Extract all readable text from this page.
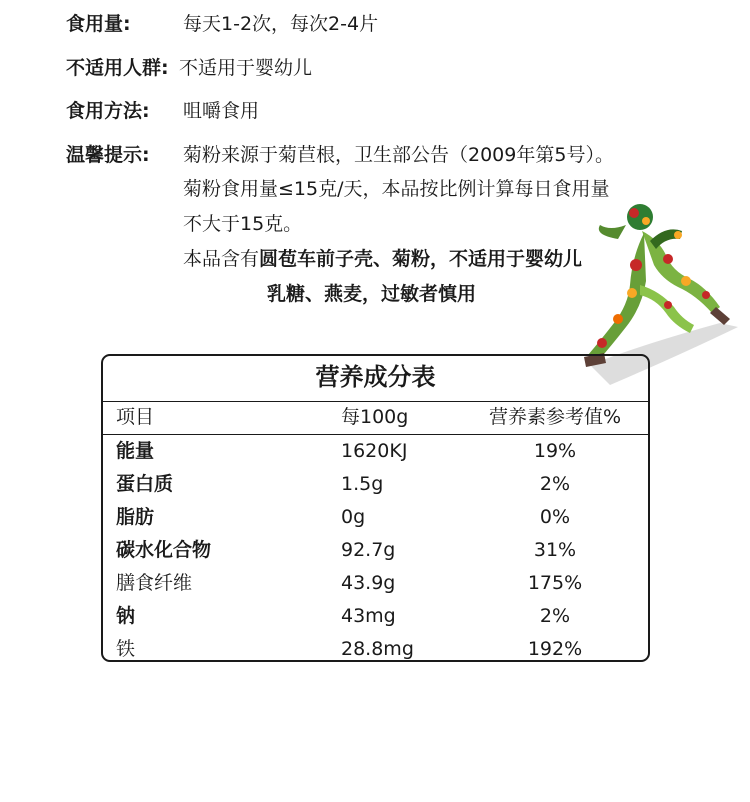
食用量:	每天1-2次，每次2-4片
不适用人群: 不适用于婴幼儿
食用方法: 咀嚼食用
温馨提示: 菊粉来源于菊苣根，卫生部公告（2009年第5号）。
菊粉食用量≤15克/天，本品按比例计算每日食用量
不大于15克。
本品含有圆苞车前子壳、菊粉，不适用于婴幼儿
乳糖、燕麦，过敏者慎用
营养成分表
项目	每100g	营养素参考值%
能量	1620KJ	19%
蛋白质	1.5g	2%
脂肪	0g	0%
碳水化合物	92.7g	31%
膳食纤维	43.9g	175%
钠	43mg	2%
铁	28.8mg	192%
